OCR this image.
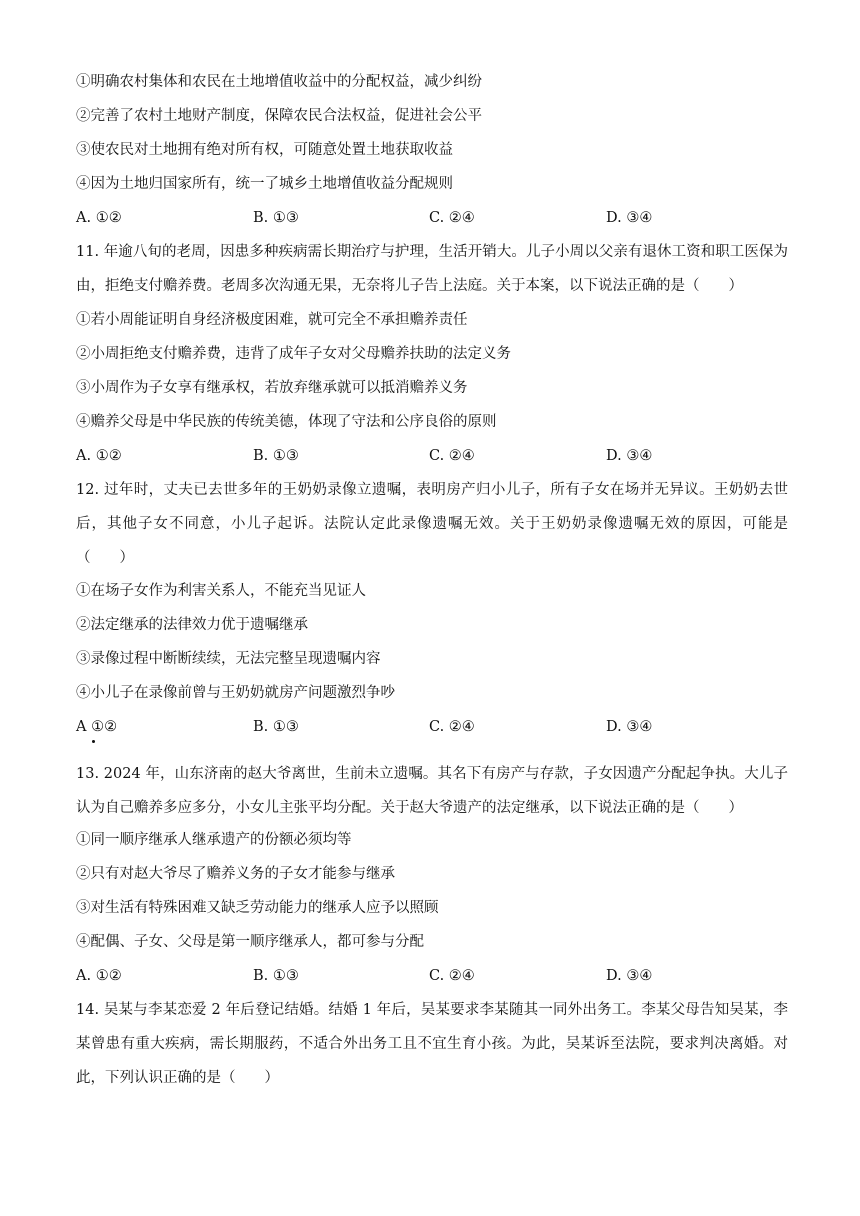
①明确农村集体和农民在土地增值收益中的分配权益，减少纠纷
②完善了农村土地财产制度，保障农民合法权益，促进社会公平
③使农民对土地拥有绝对所有权，可随意处置土地获取收益
④因为土地归国家所有，统一了城乡土地增值收益分配规则
A. ①②	B. ①③	C. ②④	D. ③④
11. 年逾八旬的老周，因患多种疾病需长期治疗与护理，生活开销大。儿子小周以父亲有退休工资和职工医保为由，拒绝支付赡养费。老周多次沟通无果，无奈将儿子告上法庭。关于本案，以下说法正确的是（　　）
①若小周能证明自身经济极度困难，就可完全不承担赡养责任
②小周拒绝支付赡养费，违背了成年子女对父母赡养扶助的法定义务
③小周作为子女享有继承权，若放弃继承就可以抵消赡养义务
④赡养父母是中华民族的传统美德，体现了守法和公序良俗的原则
A. ①②	B. ①③	C. ②④	D. ③④
12. 过年时，丈夫已去世多年的王奶奶录像立遗嘱，表明房产归小儿子，所有子女在场并无异议。王奶奶去世后，其他子女不同意，小儿子起诉。法院认定此录像遗嘱无效。关于王奶奶录像遗嘱无效的原因，可能是（　　）
①在场子女作为利害关系人，不能充当见证人
②法定继承的法律效力优于遗嘱继承
③录像过程中断断续续，无法完整呈现遗嘱内容
④小儿子在录像前曾与王奶奶就房产问题激烈争吵
A ①②	B. ①③	C. ②④	D. ③④
13. 2024 年，山东济南的赵大爷离世，生前未立遗嘱。其名下有房产与存款，子女因遗产分配起争执。大儿子认为自己赡养多应多分，小女儿主张平均分配。关于赵大爷遗产的法定继承，以下说法正确的是（　　）
①同一顺序继承人继承遗产的份额必须均等
②只有对赵大爷尽了赡养义务的子女才能参与继承
③对生活有特殊困难又缺乏劳动能力的继承人应予以照顾
④配偶、子女、父母是第一顺序继承人，都可参与分配
A. ①②	B. ①③	C. ②④	D. ③④
14. 吴某与李某恋爱 2 年后登记结婚。结婚 1 年后，吴某要求李某随其一同外出务工。李某父母告知吴某，李某曾患有重大疾病，需长期服药，不适合外出务工且不宜生育小孩。为此，吴某诉至法院，要求判决离婚。对此，下列认识正确的是（　　）
